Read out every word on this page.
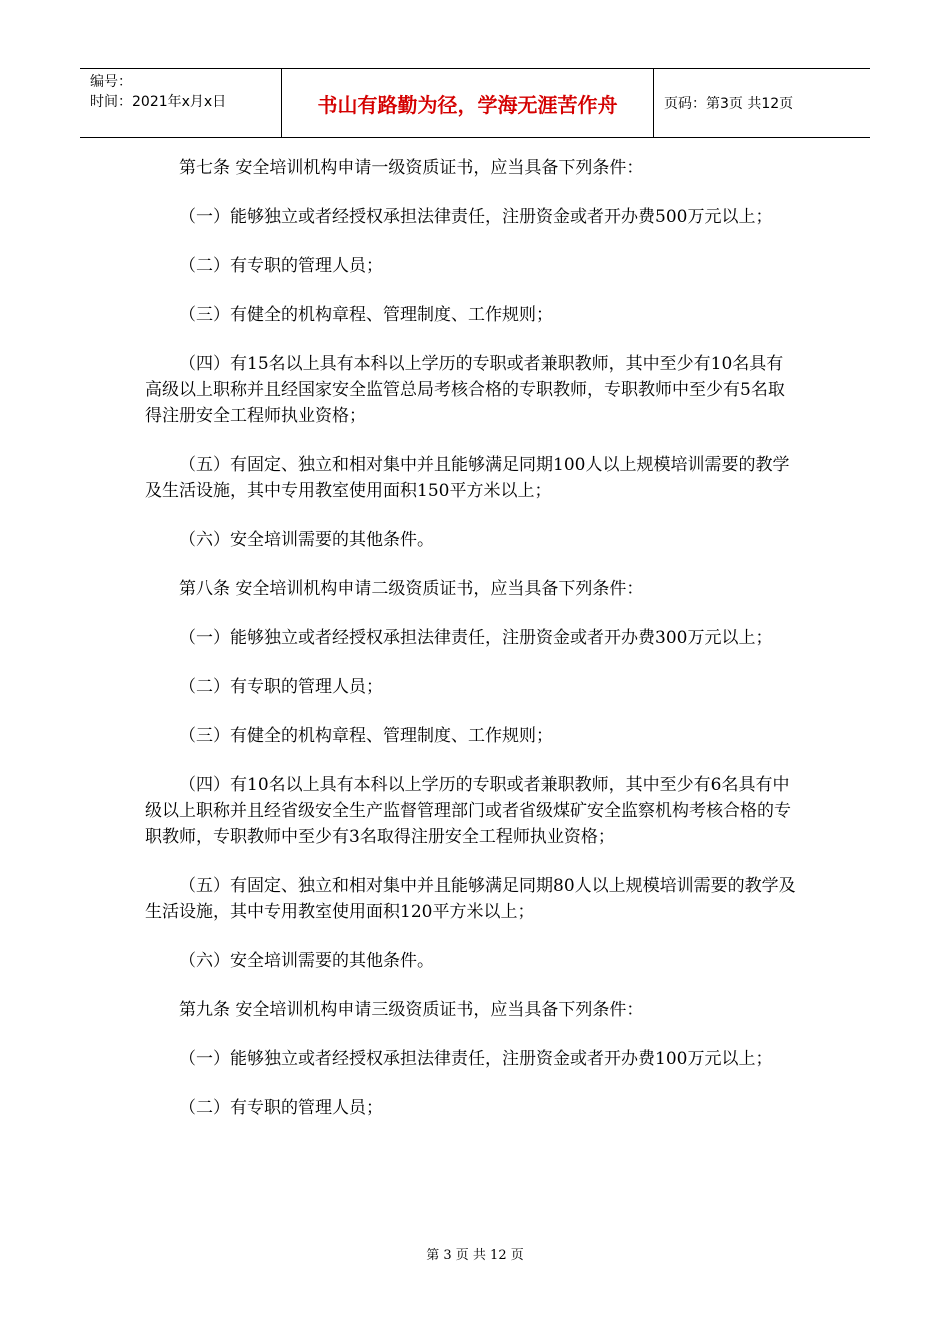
编号：
时间：2021年x月x日	书山有路勤为径，学海无涯苦作舟	页码：第3页 共12页

第七条 安全培训机构申请一级资质证书，应当具备下列条件：

（一）能够独立或者经授权承担法律责任，注册资金或者开办费500万元以上；

（二）有专职的管理人员；

（三）有健全的机构章程、管理制度、工作规则；

（四）有15名以上具有本科以上学历的专职或者兼职教师，其中至少有10名具有高级以上职称并且经国家安全监管总局考核合格的专职教师，专职教师中至少有5名取得注册安全工程师执业资格；

（五）有固定、独立和相对集中并且能够满足同期100人以上规模培训需要的教学及生活设施，其中专用教室使用面积150平方米以上；

（六）安全培训需要的其他条件。

第八条 安全培训机构申请二级资质证书，应当具备下列条件：

（一）能够独立或者经授权承担法律责任，注册资金或者开办费300万元以上；

（二）有专职的管理人员；

（三）有健全的机构章程、管理制度、工作规则；

（四）有10名以上具有本科以上学历的专职或者兼职教师，其中至少有6名具有中级以上职称并且经省级安全生产监督管理部门或者省级煤矿安全监察机构考核合格的专职教师，专职教师中至少有3名取得注册安全工程师执业资格；

（五）有固定、独立和相对集中并且能够满足同期80人以上规模培训需要的教学及生活设施，其中专用教室使用面积120平方米以上；

（六）安全培训需要的其他条件。

第九条 安全培训机构申请三级资质证书，应当具备下列条件：

（一）能够独立或者经授权承担法律责任，注册资金或者开办费100万元以上；

（二）有专职的管理人员；

第 3 页 共 12 页
